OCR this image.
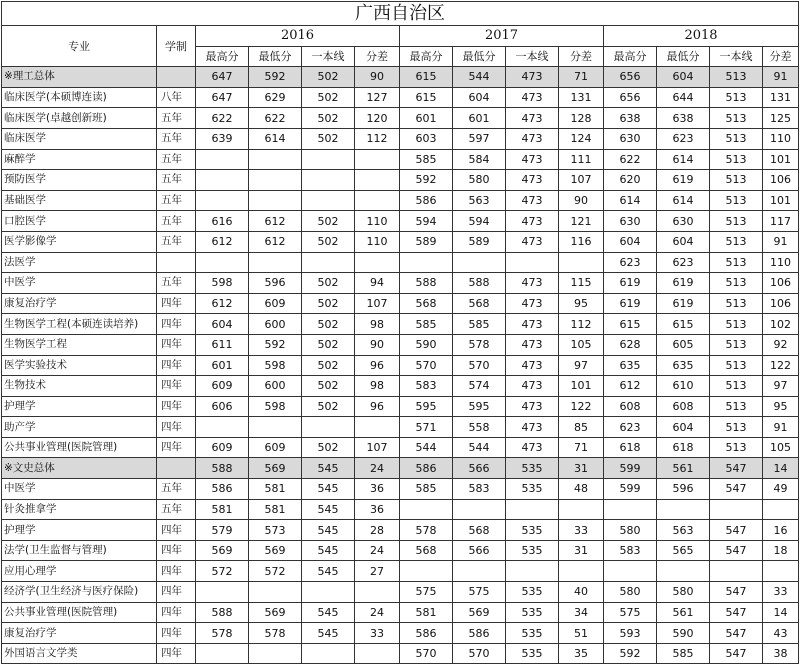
广西自治区													
专业	学制	2016				2017				2018			
		最高分	最低分	一本线	分差	最高分	最低分	一本线	分差	最高分	最低分	一本线	分差
※理工总体		647	592	502	90	615	544	473	71	656	604	513	91
临床医学(本硕博连读)	八年	647	629	502	127	615	604	473	131	656	644	513	131
临床医学(卓越创新班)	五年	622	622	502	120	601	601	473	128	638	638	513	125
临床医学	五年	639	614	502	112	603	597	473	124	630	623	513	110
麻醉学	五年					585	584	473	111	622	614	513	101
预防医学	五年					592	580	473	107	620	619	513	106
基础医学	五年					586	563	473	90	614	614	513	101
口腔医学	五年	616	612	502	110	594	594	473	121	630	630	513	117
医学影像学	五年	612	612	502	110	589	589	473	116	604	604	513	91
法医学										623	623	513	110
中医学	五年	598	596	502	94	588	588	473	115	619	619	513	106
康复治疗学	四年	612	609	502	107	568	568	473	95	619	619	513	106
生物医学工程(本硕连读培养)	四年	604	600	502	98	585	585	473	112	615	615	513	102
生物医学工程	四年	611	592	502	90	590	578	473	105	628	605	513	92
医学实验技术	四年	601	598	502	96	570	570	473	97	635	635	513	122
生物技术	四年	609	600	502	98	583	574	473	101	612	610	513	97
护理学	四年	606	598	502	96	595	595	473	122	608	608	513	95
助产学	四年					571	558	473	85	623	604	513	91
公共事业管理(医院管理)	四年	609	609	502	107	544	544	473	71	618	618	513	105
※文史总体		588	569	545	24	586	566	535	31	599	561	547	14
中医学	五年	586	581	545	36	585	583	535	48	599	596	547	49
针灸推拿学	五年	581	581	545	36								
护理学	四年	579	573	545	28	578	568	535	33	580	563	547	16
法学(卫生监督与管理)	四年	569	569	545	24	568	566	535	31	583	565	547	18
应用心理学	四年	572	572	545	27								
经济学(卫生经济与医疗保险)	四年					575	575	535	40	580	580	547	33
公共事业管理(医院管理)	四年	588	569	545	24	581	569	535	34	575	561	547	14
康复治疗学	四年	578	578	545	33	586	586	535	51	593	590	547	43
外国语言文学类	四年					570	570	535	35	592	585	547	38
